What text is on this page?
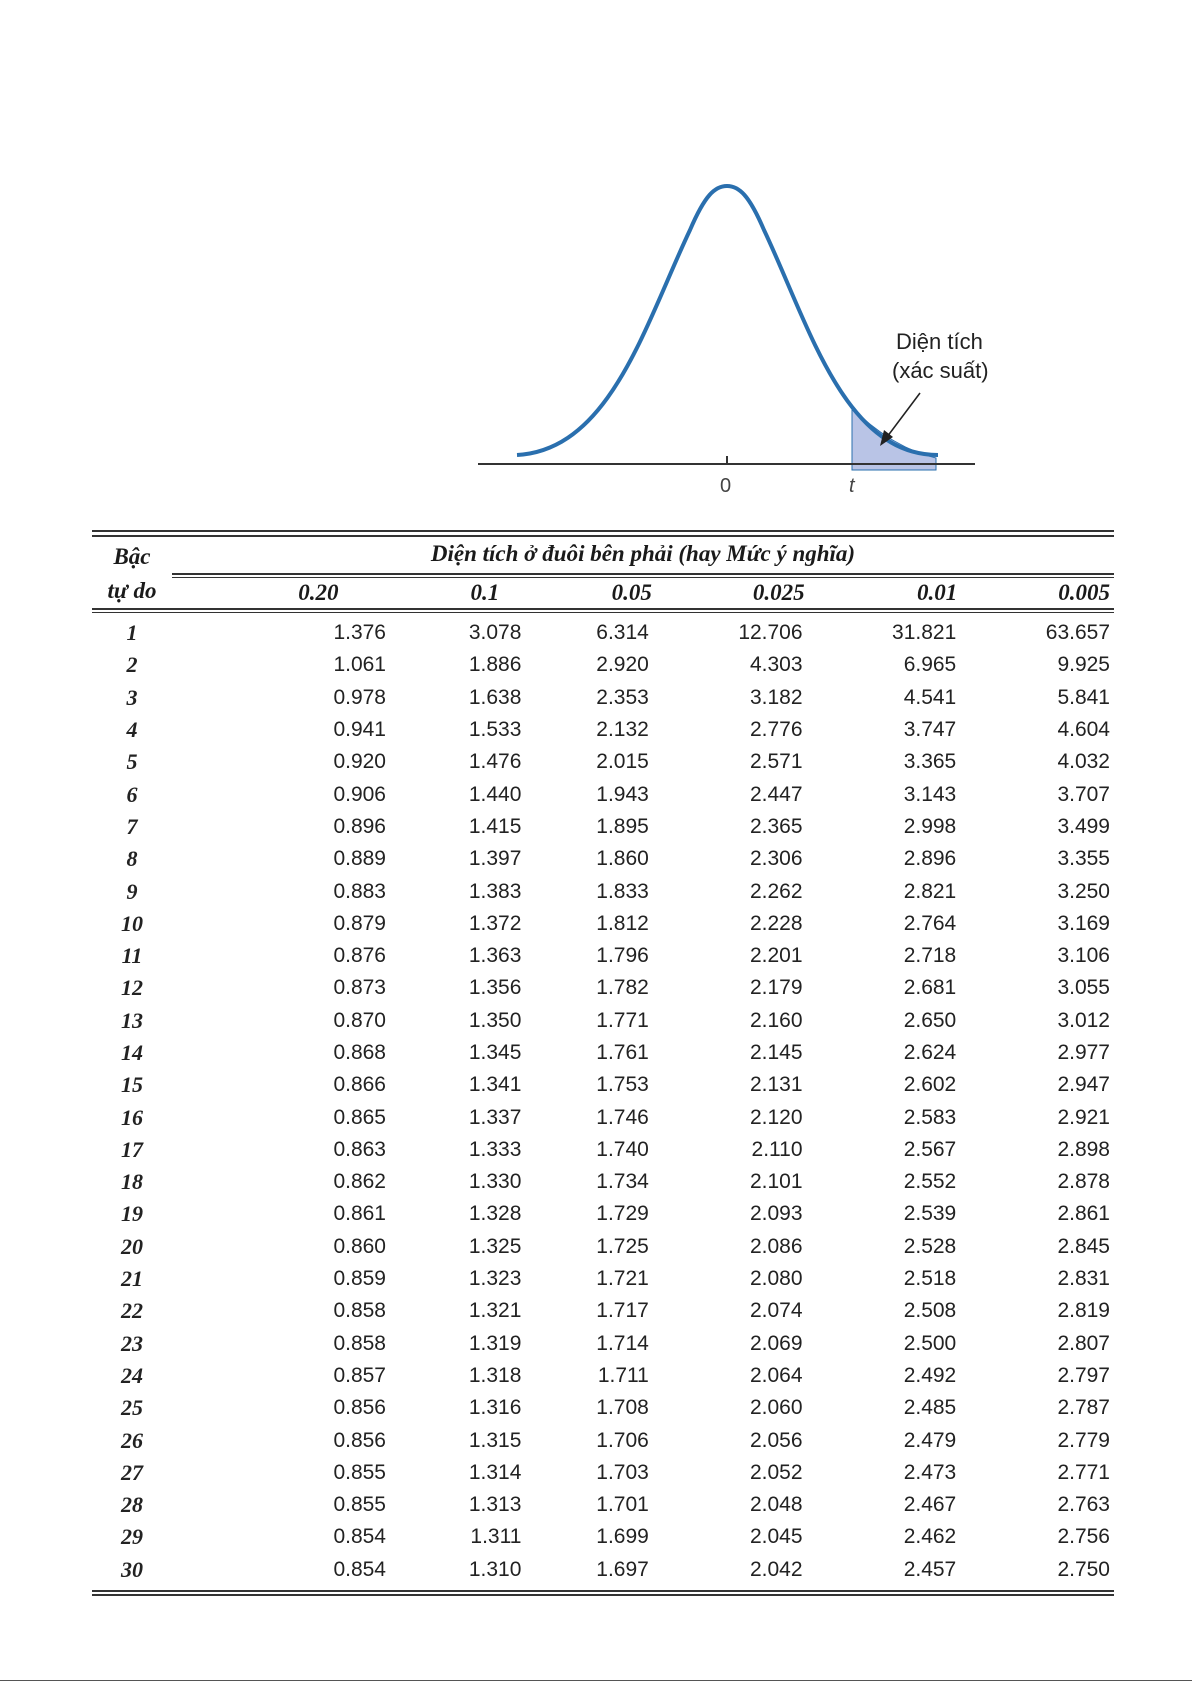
Diện tích
(xác suất)
0	t
Bậc
tự do
Diện tích ở đuôi bên phải (hay Mức ý nghĩa)
0.20	0.1	0.05	0.025	0.01	0.005
1	1.376	3.078	6.314	12.706	31.821	63.657
2	1.061	1.886	2.920	4.303	6.965	9.925
3	0.978	1.638	2.353	3.182	4.541	5.841
4	0.941	1.533	2.132	2.776	3.747	4.604
5	0.920	1.476	2.015	2.571	3.365	4.032
6	0.906	1.440	1.943	2.447	3.143	3.707
7	0.896	1.415	1.895	2.365	2.998	3.499
8	0.889	1.397	1.860	2.306	2.896	3.355
9	0.883	1.383	1.833	2.262	2.821	3.250
10	0.879	1.372	1.812	2.228	2.764	3.169
11	0.876	1.363	1.796	2.201	2.718	3.106
12	0.873	1.356	1.782	2.179	2.681	3.055
13	0.870	1.350	1.771	2.160	2.650	3.012
14	0.868	1.345	1.761	2.145	2.624	2.977
15	0.866	1.341	1.753	2.131	2.602	2.947
16	0.865	1.337	1.746	2.120	2.583	2.921
17	0.863	1.333	1.740	2.110	2.567	2.898
18	0.862	1.330	1.734	2.101	2.552	2.878
19	0.861	1.328	1.729	2.093	2.539	2.861
20	0.860	1.325	1.725	2.086	2.528	2.845
21	0.859	1.323	1.721	2.080	2.518	2.831
22	0.858	1.321	1.717	2.074	2.508	2.819
23	0.858	1.319	1.714	2.069	2.500	2.807
24	0.857	1.318	1.711	2.064	2.492	2.797
25	0.856	1.316	1.708	2.060	2.485	2.787
26	0.856	1.315	1.706	2.056	2.479	2.779
27	0.855	1.314	1.703	2.052	2.473	2.771
28	0.855	1.313	1.701	2.048	2.467	2.763
29	0.854	1.311	1.699	2.045	2.462	2.756
30	0.854	1.310	1.697	2.042	2.457	2.750
